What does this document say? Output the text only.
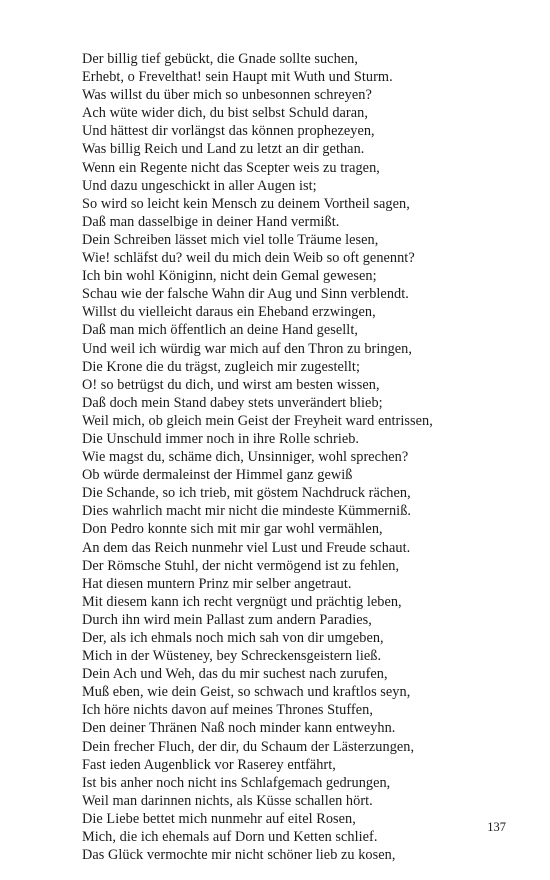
Der billig tief gebückt, die Gnade sollte suchen,
Erhebt, o Frevelthat! sein Haupt mit Wuth und Sturm.
Was willst du über mich so unbesonnen schreyen?
Ach wüte wider dich, du bist selbst Schuld daran,
Und hättest dir vorlängst das können prophezeyen,
Was billig Reich und Land zu letzt an dir gethan.
Wenn ein Regente nicht das Scepter weis zu tragen,
Und dazu ungeschickt in aller Augen ist;
So wird so leicht kein Mensch zu deinem Vortheil sagen,
Daß man dasselbige in deiner Hand vermißt.
Dein Schreiben lässet mich viel tolle Träume lesen,
Wie! schläfst du? weil du mich dein Weib so oft genennt?
Ich bin wohl Königinn, nicht dein Gemal gewesen;
Schau wie der falsche Wahn dir Aug und Sinn verblendt.
Willst du vielleicht daraus ein Eheband erzwingen,
Daß man mich öffentlich an deine Hand gesellt,
Und weil ich würdig war mich auf den Thron zu bringen,
Die Krone die du trägst, zugleich mir zugestellt;
O! so betrügst du dich, und wirst am besten wissen,
Daß doch mein Stand dabey stets unverändert blieb;
Weil mich, ob gleich mein Geist der Freyheit ward entrissen,
Die Unschuld immer noch in ihre Rolle schrieb.
Wie magst du, schäme dich, Unsinniger, wohl sprechen?
Ob würde dermaleinst der Himmel ganz gewiß
Die Schande, so ich trieb, mit göstem Nachdruck rächen,
Dies wahrlich macht mir nicht die mindeste Kümmerniß.
Don Pedro konnte sich mit mir gar wohl vermählen,
An dem das Reich nunmehr viel Lust und Freude schaut.
Der Römsche Stuhl, der nicht vermögend ist zu fehlen,
Hat diesen muntern Prinz mir selber angetraut.
Mit diesem kann ich recht vergnügt und prächtig leben,
Durch ihn wird mein Pallast zum andern Paradies,
Der, als ich ehmals noch mich sah von dir umgeben,
Mich in der Wüsteney, bey Schreckensgeistern ließ.
Dein Ach und Weh, das du mir suchest nach zurufen,
Muß eben, wie dein Geist, so schwach und kraftlos seyn,
Ich höre nichts davon auf meines Thrones Stuffen,
Den deiner Thränen Naß noch minder kann entweyhn.
Dein frecher Fluch, der dir, du Schaum der Lästerzungen,
Fast ieden Augenblick vor Raserey entfährt,
Ist bis anher noch nicht ins Schlafgemach gedrungen,
Weil man darinnen nichts, als Küsse schallen hört.
Die Liebe bettet mich nunmehr auf eitel Rosen,
Mich, die ich ehemals auf Dorn und Ketten schlief.
Das Glück vermochte mir nicht schöner lieb zu kosen,
137
